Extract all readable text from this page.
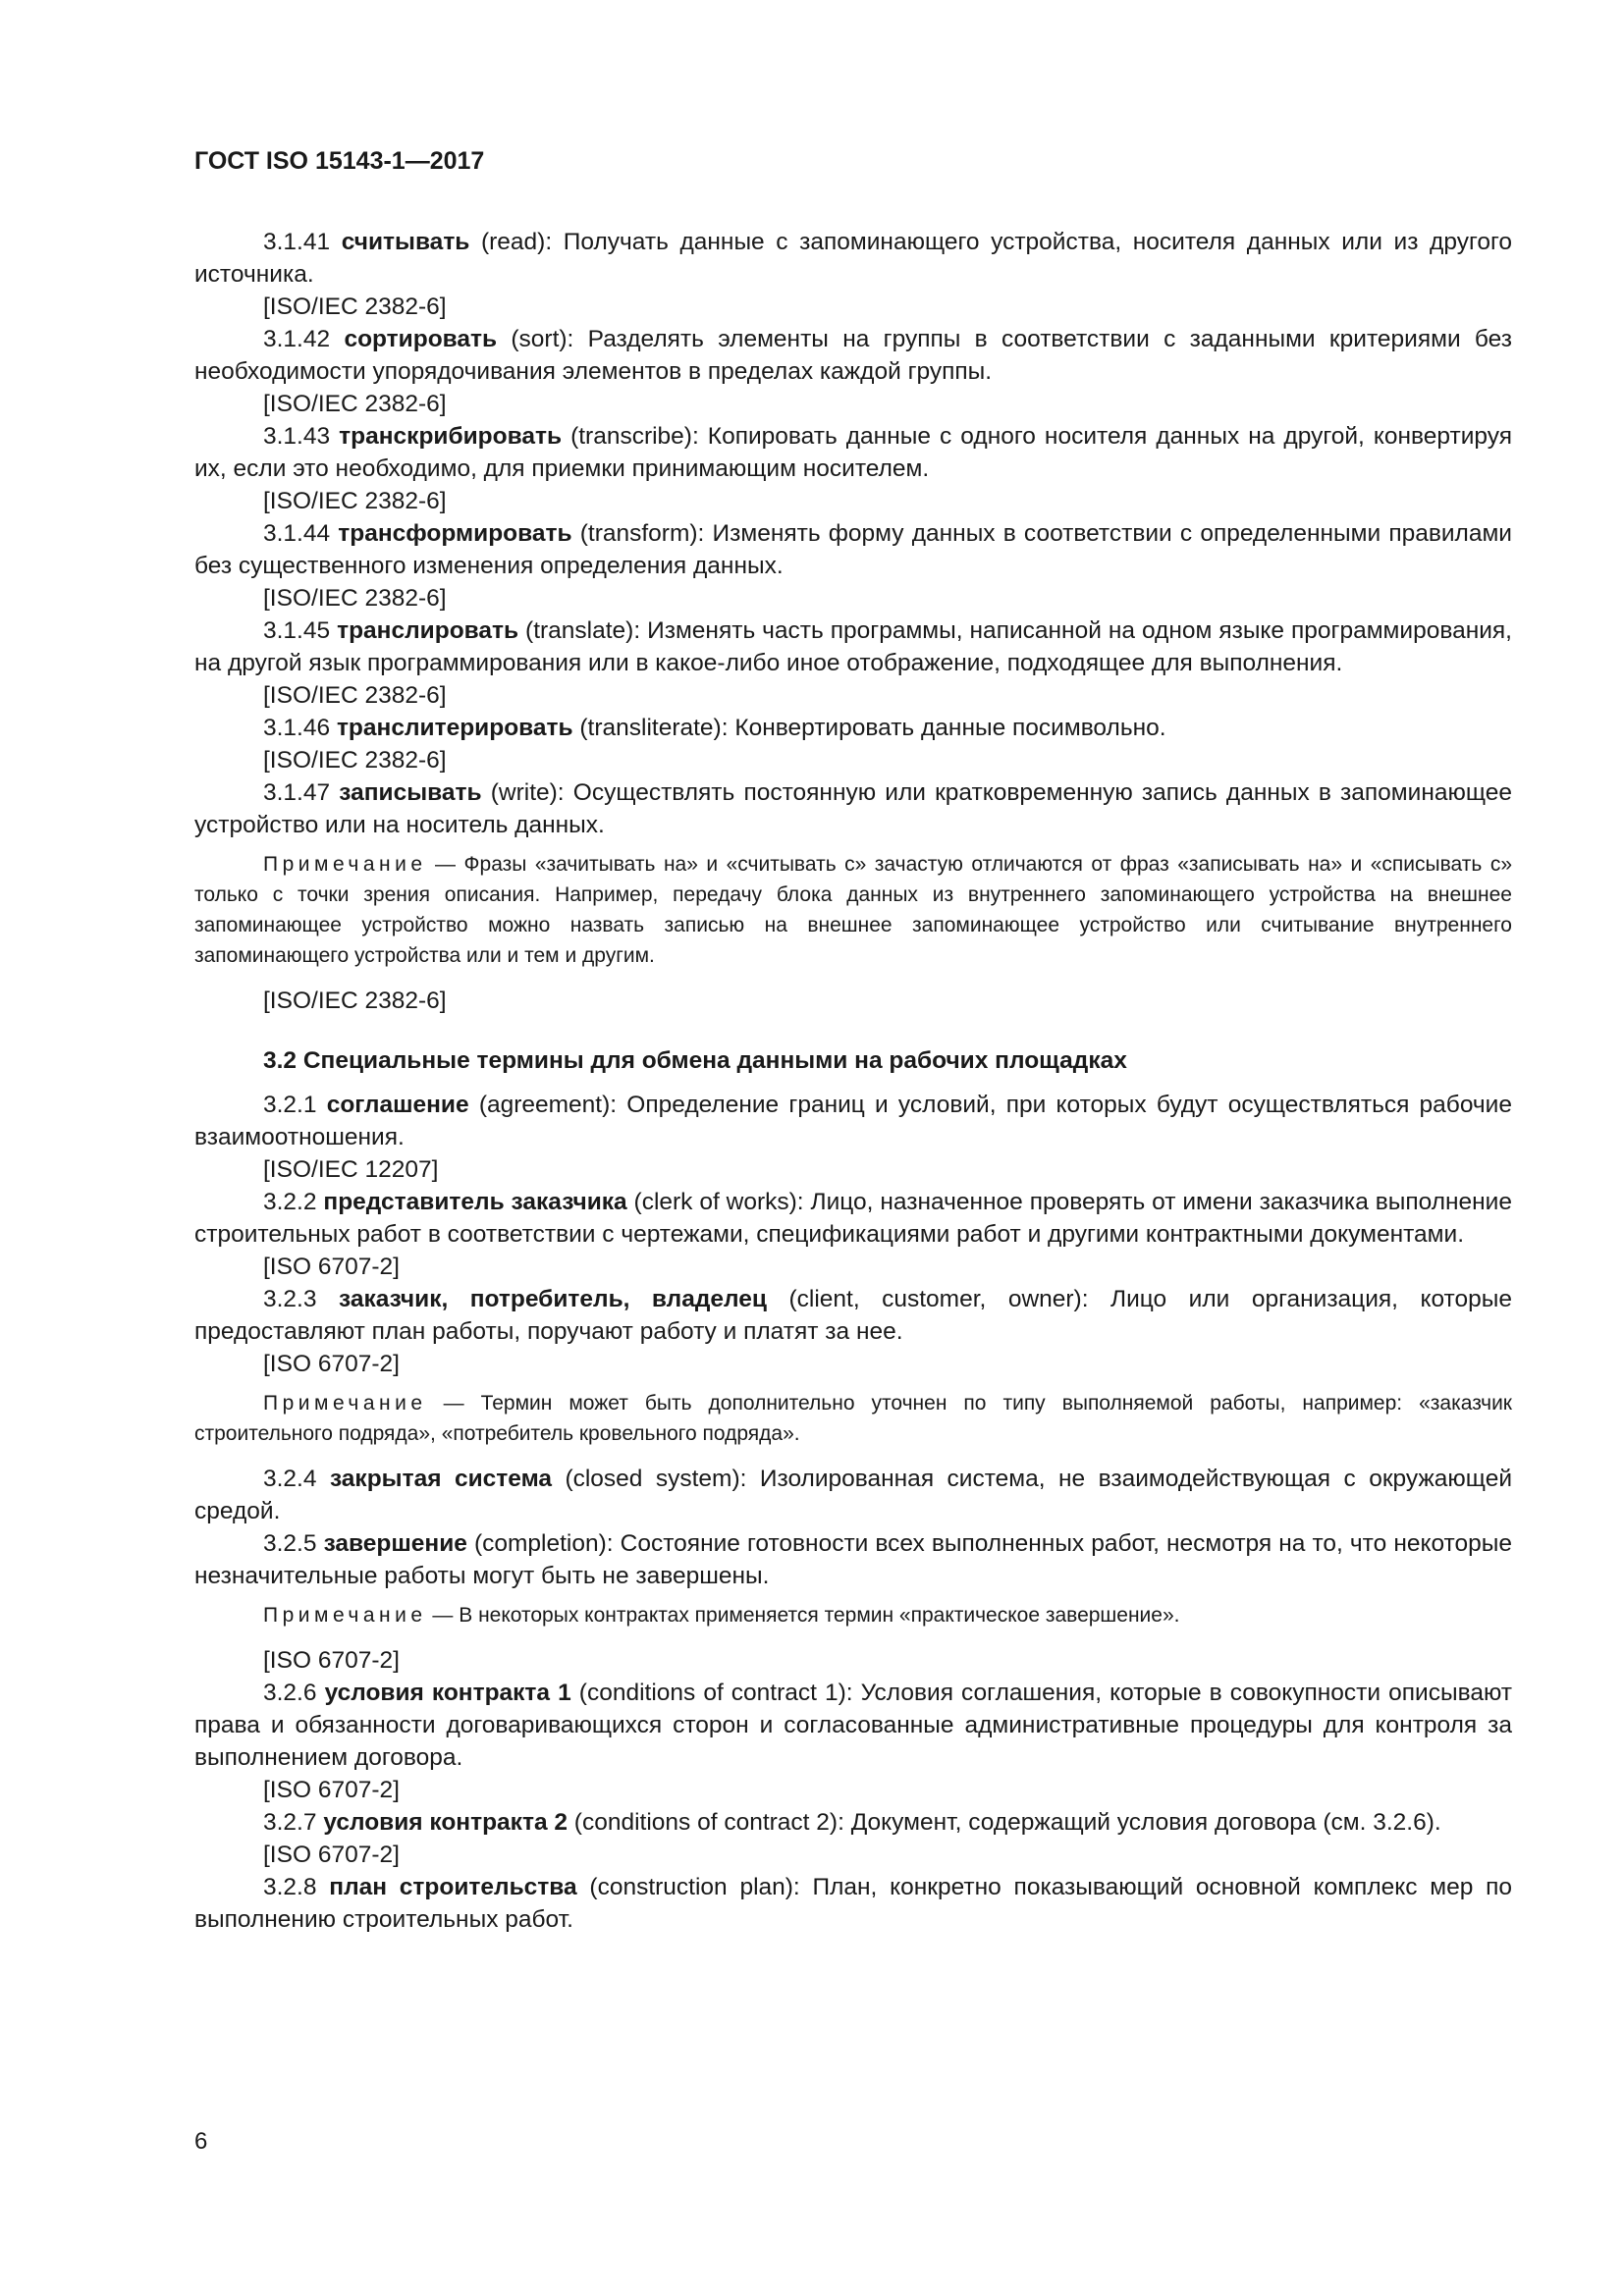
ГОСТ ISO 15143-1—2017

3.1.41 считывать (read): Получать данные с запоминающего устройства, носителя данных или из другого источника.

[ISO/IEC 2382-6]

3.1.42 сортировать (sort): Разделять элементы на группы в соответствии с заданными критериями без необходимости упорядочивания элементов в пределах каждой группы.

[ISO/IEC 2382-6]

3.1.43 транскрибировать (transcribe): Копировать данные с одного носителя данных на другой, конвертируя их, если это необходимо, для приемки принимающим носителем.

[ISO/IEC 2382-6]

3.1.44 трансформировать (transform): Изменять форму данных в соответствии с определенными правилами без существенного изменения определения данных.

[ISO/IEC 2382-6]

3.1.45 транслировать (translate): Изменять часть программы, написанной на одном языке программирования, на другой язык программирования или в какое-либо иное отображение, подходящее для выполнения.

[ISO/IEC 2382-6]

3.1.46 транслитерировать (transliterate): Конвертировать данные посимвольно.

[ISO/IEC 2382-6]

3.1.47 записывать (write): Осуществлять постоянную или кратковременную запись данных в запоминающее устройство или на носитель данных.

Примечание — Фразы «зачитывать на» и «считывать с» зачастую отличаются от фраз «записывать на» и «списывать с» только с точки зрения описания. Например, передачу блока данных из внутреннего запоминающего устройства на внешнее запоминающее устройство можно назвать записью на внешнее запоминающее устройство или считывание внутреннего запоминающего устройства или и тем и другим.

[ISO/IEC 2382-6]

3.2 Специальные термины для обмена данными на рабочих площадках

3.2.1 соглашение (agreement): Определение границ и условий, при которых будут осуществляться рабочие взаимоотношения.

[ISO/IEC 12207]

3.2.2 представитель заказчика (clerk of works): Лицо, назначенное проверять от имени заказчика выполнение строительных работ в соответствии с чертежами, спецификациями работ и другими контрактными документами.

[ISO 6707-2]

3.2.3 заказчик, потребитель, владелец (client, customer, owner): Лицо или организация, которые предоставляют план работы, поручают работу и платят за нее.

[ISO 6707-2]

Примечание — Термин может быть дополнительно уточнен по типу выполняемой работы, например: «заказчик строительного подряда», «потребитель кровельного подряда».

3.2.4 закрытая система (closed system): Изолированная система, не взаимодействующая с окружающей средой.

3.2.5 завершение (completion): Состояние готовности всех выполненных работ, несмотря на то, что некоторые незначительные работы могут быть не завершены.

Примечание — В некоторых контрактах применяется термин «практическое завершение».

[ISO 6707-2]

3.2.6 условия контракта 1 (conditions of contract 1): Условия соглашения, которые в совокупности описывают права и обязанности договаривающихся сторон и согласованные административные процедуры для контроля за выполнением договора.

[ISO 6707-2]

3.2.7 условия контракта 2 (conditions of contract 2): Документ, содержащий условия договора (см. 3.2.6).

[ISO 6707-2]

3.2.8 план строительства (construction plan): План, конкретно показывающий основной комплекс мер по выполнению строительных работ.

6
